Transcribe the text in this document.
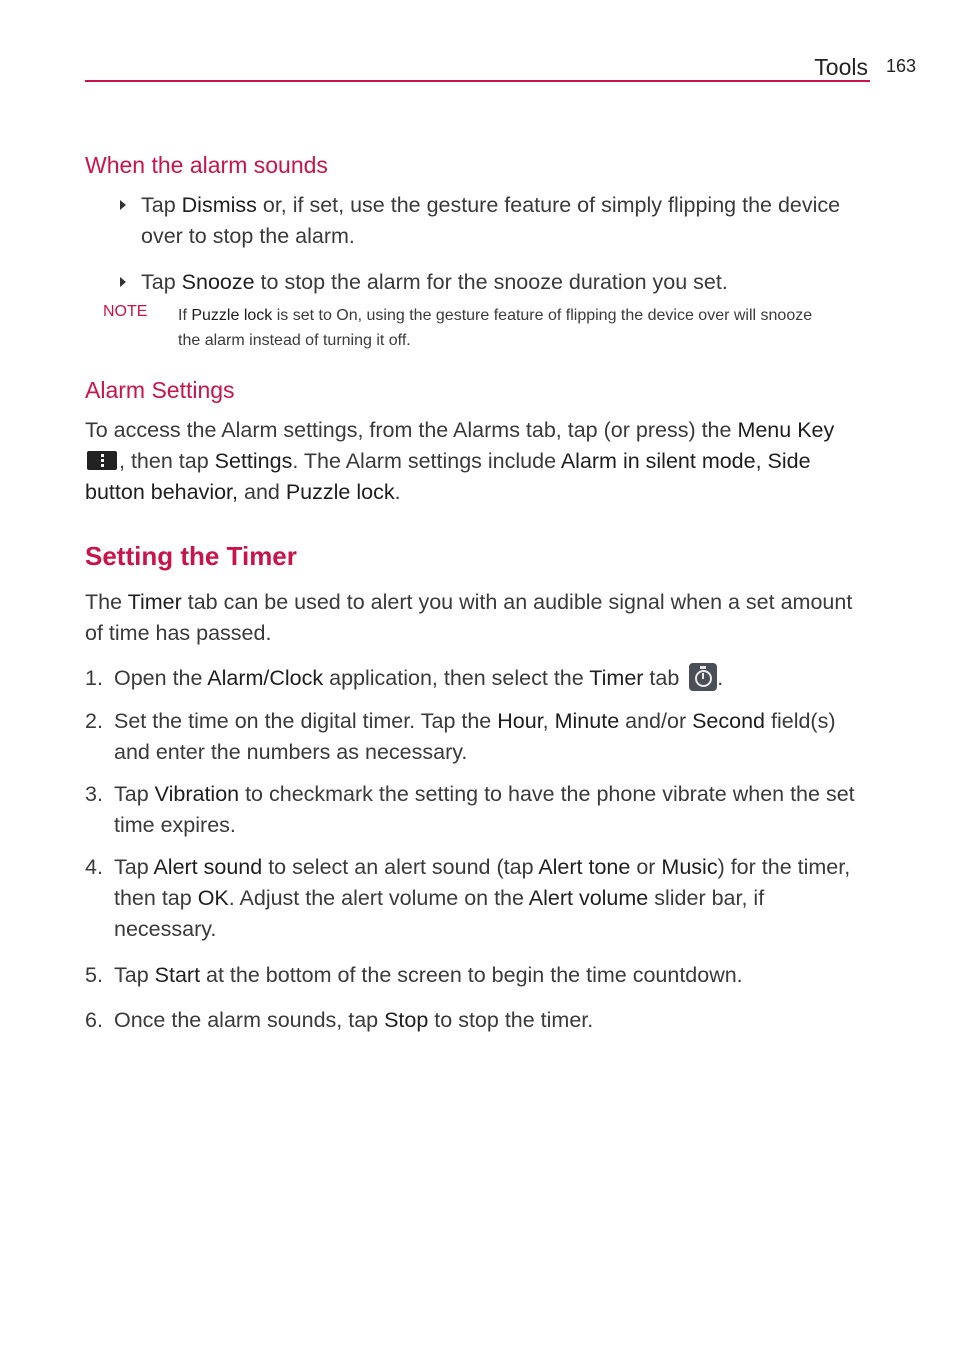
Tools 163
When the alarm sounds
Tap Dismiss or, if set, use the gesture feature of simply flipping the device over to stop the alarm.
Tap Snooze to stop the alarm for the snooze duration you set.
NOTE If Puzzle lock is set to On, using the gesture feature of flipping the device over will snooze the alarm instead of turning it off.
Alarm Settings
To access the Alarm settings, from the Alarms tab, tap (or press) the Menu Key
, then tap Settings. The Alarm settings include Alarm in silent mode, Side button behavior, and Puzzle lock.
Setting the Timer
The Timer tab can be used to alert you with an audible signal when a set amount of time has passed.
1. Open the Alarm/Clock application, then select the Timer tab .
2. Set the time on the digital timer. Tap the Hour, Minute and/or Second field(s) and enter the numbers as necessary.
3. Tap Vibration to checkmark the setting to have the phone vibrate when the set time expires.
4. Tap Alert sound to select an alert sound (tap Alert tone or Music) for the timer, then tap OK. Adjust the alert volume on the Alert volume slider bar, if necessary.
5. Tap Start at the bottom of the screen to begin the time countdown.
6. Once the alarm sounds, tap Stop to stop the timer.
